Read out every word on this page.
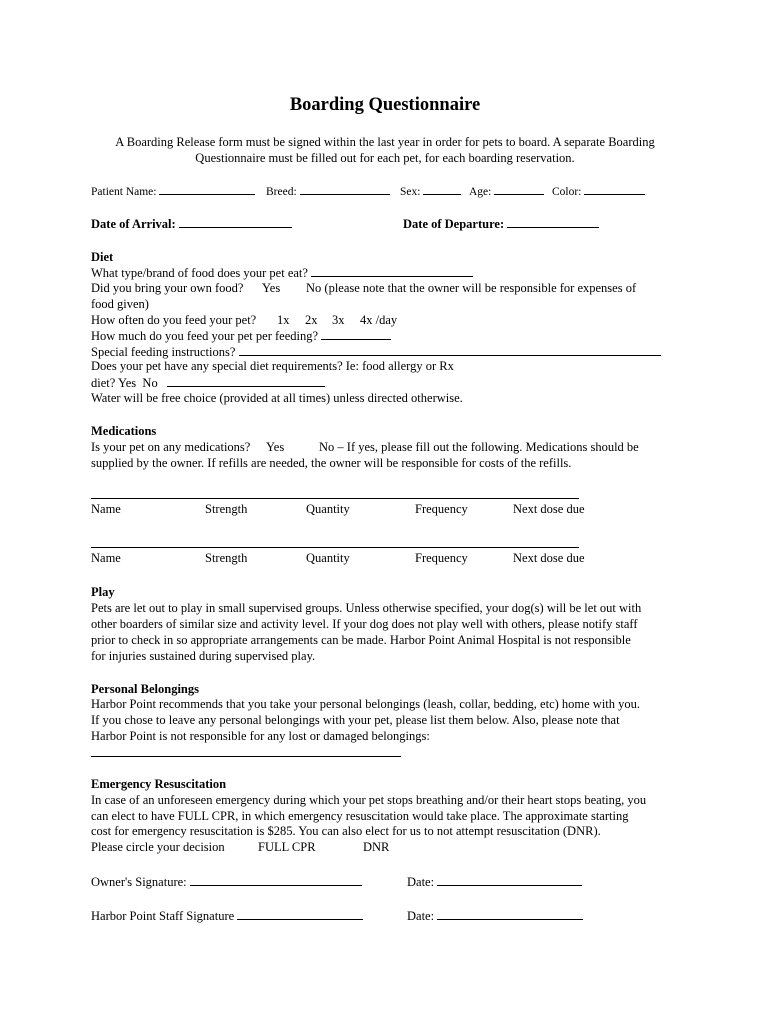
Boarding Questionnaire
A Boarding Release form must be signed within the last year in order for pets to board. A separate Boarding
Questionnaire must be filled out for each pet, for each boarding reservation.
Patient Name:	Breed:	Sex:	Age:	Color:
Date of Arrival:	Date of Departure:
Diet
What type/brand of food does your pet eat?
Did you bring your own food? Yes No (please note that the owner will be responsible for expenses of
food given)
How often do you feed your pet? 1x 2x 3x 4x /day
How much do you feed your pet per feeding?
Special feeding instructions?
Does your pet have any special diet requirements? Ie: food allergy or Rx
diet? Yes No
Water will be free choice (provided at all times) unless directed otherwise.
Medications
Is your pet on any medications? Yes	No – If yes, please fill out the following. Medications should be
supplied by the owner. If refills are needed, the owner will be responsible for costs of the refills.
Name	Strength	Quantity	Frequency	Next dose due
Name	Strength	Quantity	Frequency	Next dose due
Play
Pets are let out to play in small supervised groups. Unless otherwise specified, your dog(s) will be let out with
other boarders of similar size and activity level. If your dog does not play well with others, please notify staff
prior to check in so appropriate arrangements can be made. Harbor Point Animal Hospital is not responsible
for injuries sustained during supervised play.
Personal Belongings
Harbor Point recommends that you take your personal belongings (leash, collar, bedding, etc) home with you.
If you chose to leave any personal belongings with your pet, please list them below. Also, please note that
Harbor Point is not responsible for any lost or damaged belongings:
Emergency Resuscitation
In case of an unforeseen emergency during which your pet stops breathing and/or their heart stops beating, you
can elect to have FULL CPR, in which emergency resuscitation would take place. The approximate starting
cost for emergency resuscitation is $285. You can also elect for us to not attempt resuscitation (DNR).
Please circle your decision	FULL CPR	DNR
Owner's Signature:	Date:
Harbor Point Staff Signature	Date:
